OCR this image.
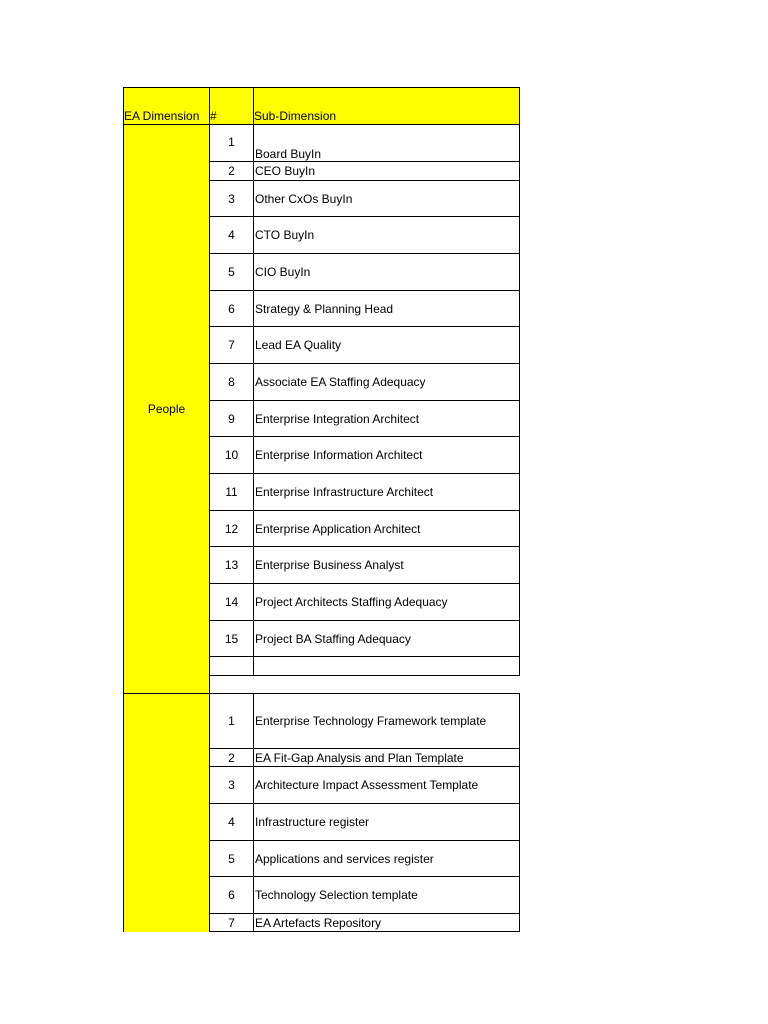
EA Dimension	#	Sub-Dimension
People	1	Board BuyIn
	2	CEO BuyIn
	3	Other CxOs BuyIn
	4	CTO BuyIn
	5	CIO BuyIn
	6	Strategy & Planning Head
	7	Lead EA Quality
	8	Associate EA Staffing Adequacy
	9	Enterprise Integration Architect
	10	Enterprise Information Architect
	11	Enterprise Infrastructure Architect
	12	Enterprise Application Architect
	13	Enterprise Business Analyst
	14	Project Architects Staffing Adequacy
	15	Project BA Staffing Adequacy

	1	Enterprise Technology Framework template
	2	EA Fit-Gap Analysis and Plan Template
	3	Architecture Impact Assessment Template
	4	Infrastructure register
	5	Applications and services register
	6	Technology Selection template
	7	EA Artefacts Repository
